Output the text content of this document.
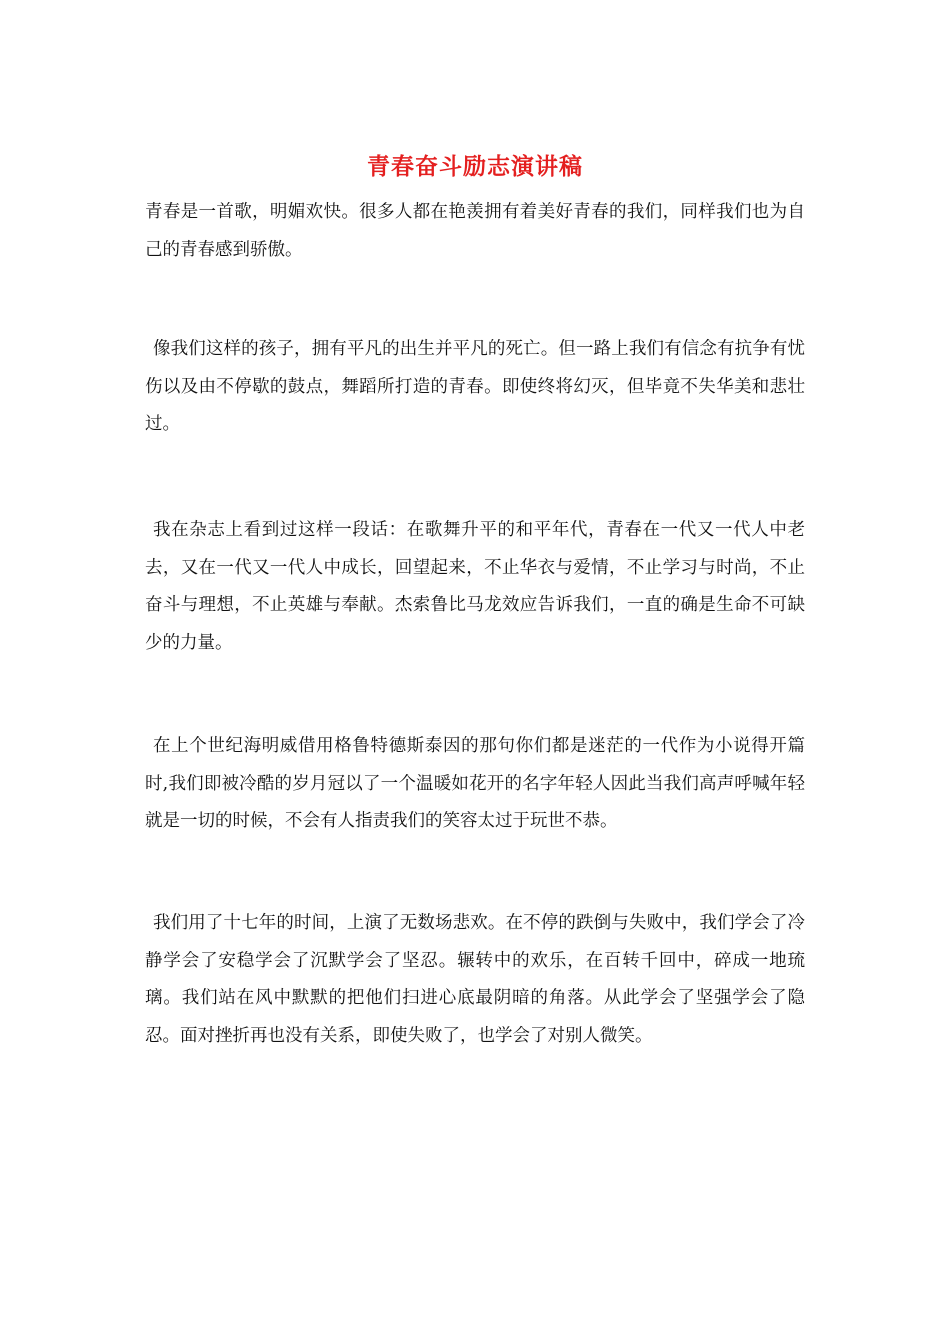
青春奋斗励志演讲稿

青春是一首歌，明媚欢快。很多人都在艳羡拥有着美好青春的我们，同样我们也为自己的青春感到骄傲。

像我们这样的孩子，拥有平凡的出生并平凡的死亡。但一路上我们有信念有抗争有忧伤以及由不停歇的鼓点，舞蹈所打造的青春。即使终将幻灭，但毕竟不失华美和悲壮过。

我在杂志上看到过这样一段话：在歌舞升平的和平年代，青春在一代又一代人中老去，又在一代又一代人中成长，回望起来，不止华衣与爱情，不止学习与时尚，不止奋斗与理想，不止英雄与奉献。杰索鲁比马龙效应告诉我们，一直的确是生命不可缺少的力量。

在上个世纪海明威借用格鲁特德斯泰因的那句你们都是迷茫的一代作为小说得开篇时,我们即被冷酷的岁月冠以了一个温暖如花开的名字年轻人因此当我们高声呼喊年轻就是一切的时候，不会有人指责我们的笑容太过于玩世不恭。

我们用了十七年的时间，上演了无数场悲欢。在不停的跌倒与失败中，我们学会了冷静学会了安稳学会了沉默学会了坚忍。辗转中的欢乐，在百转千回中，碎成一地琉璃。我们站在风中默默的把他们扫进心底最阴暗的角落。从此学会了坚强学会了隐忍。面对挫折再也没有关系，即使失败了，也学会了对别人微笑。
